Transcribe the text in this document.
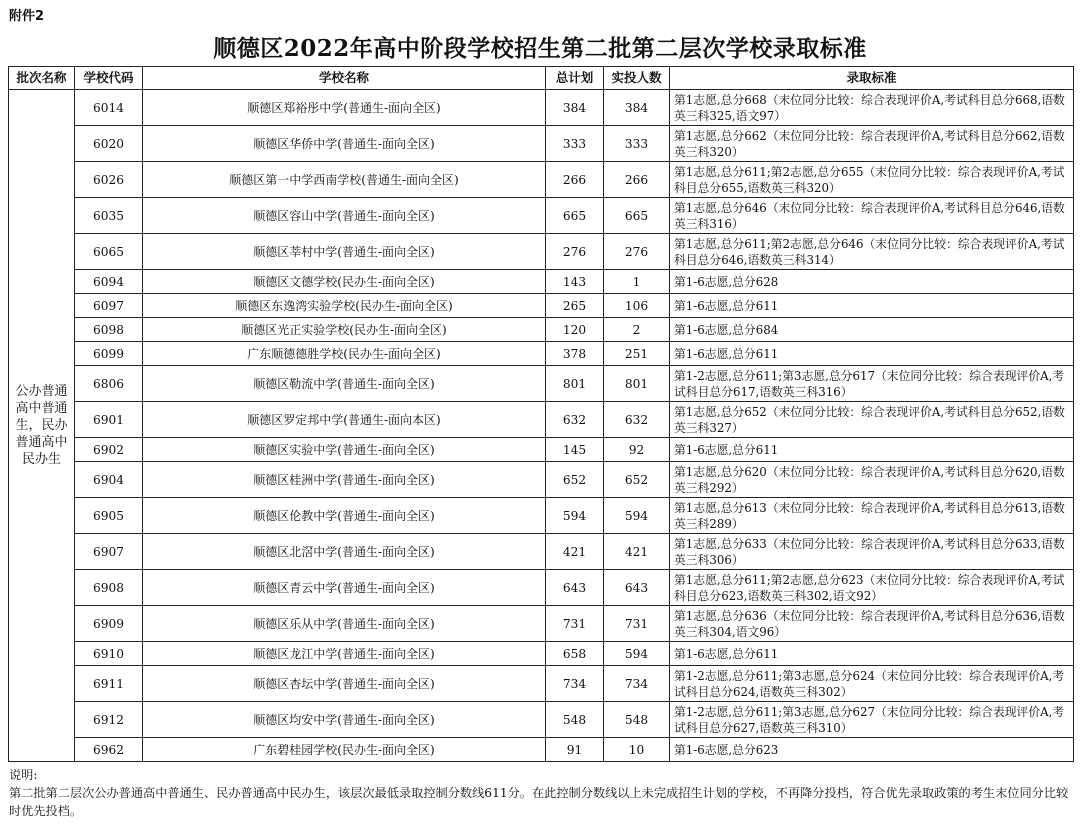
附件2
顺德区2022年高中阶段学校招生第二批第二层次学校录取标准
批次名称	学校代码	学校名称	总计划	实投人数	录取标准
公办普通高中普通生，民办普通高中民办生	6014	顺德区郑裕彤中学(普通生-面向全区)	384	384	第1志愿,总分668（末位同分比较：综合表现评价A,考试科目总分668,语数英三科325,语文97）
	6020	顺德区华侨中学(普通生-面向全区)	333	333	第1志愿,总分662（末位同分比较：综合表现评价A,考试科目总分662,语数英三科320）
	6026	顺德区第一中学西南学校(普通生-面向全区)	266	266	第1志愿,总分611;第2志愿,总分655（末位同分比较：综合表现评价A,考试科目总分655,语数英三科320）
	6035	顺德区容山中学(普通生-面向全区)	665	665	第1志愿,总分646（末位同分比较：综合表现评价A,考试科目总分646,语数英三科316）
	6065	顺德区莘村中学(普通生-面向全区)	276	276	第1志愿,总分611;第2志愿,总分646（末位同分比较：综合表现评价A,考试科目总分646,语数英三科314）
	6094	顺德区文德学校(民办生-面向全区)	143	1	第1-6志愿,总分628
	6097	顺德区东逸湾实验学校(民办生-面向全区)	265	106	第1-6志愿,总分611
	6098	顺德区光正实验学校(民办生-面向全区)	120	2	第1-6志愿,总分684
	6099	广东顺德德胜学校(民办生-面向全区)	378	251	第1-6志愿,总分611
	6806	顺德区勒流中学(普通生-面向全区)	801	801	第1-2志愿,总分611;第3志愿,总分617（末位同分比较：综合表现评价A,考试科目总分617,语数英三科316）
	6901	顺德区罗定邦中学(普通生-面向本区)	632	632	第1志愿,总分652（末位同分比较：综合表现评价A,考试科目总分652,语数英三科327）
	6902	顺德区实验中学(普通生-面向全区)	145	92	第1-6志愿,总分611
	6904	顺德区桂洲中学(普通生-面向全区)	652	652	第1志愿,总分620（末位同分比较：综合表现评价A,考试科目总分620,语数英三科292）
	6905	顺德区伦教中学(普通生-面向全区)	594	594	第1志愿,总分613（末位同分比较：综合表现评价A,考试科目总分613,语数英三科289）
	6907	顺德区北滘中学(普通生-面向全区)	421	421	第1志愿,总分633（末位同分比较：综合表现评价A,考试科目总分633,语数英三科306）
	6908	顺德区青云中学(普通生-面向全区)	643	643	第1志愿,总分611;第2志愿,总分623（末位同分比较：综合表现评价A,考试科目总分623,语数英三科302,语文92）
	6909	顺德区乐从中学(普通生-面向全区)	731	731	第1志愿,总分636（末位同分比较：综合表现评价A,考试科目总分636,语数英三科304,语文96）
	6910	顺德区龙江中学(普通生-面向全区)	658	594	第1-6志愿,总分611
	6911	顺德区杏坛中学(普通生-面向全区)	734	734	第1-2志愿,总分611;第3志愿,总分624（末位同分比较：综合表现评价A,考试科目总分624,语数英三科302）
	6912	顺德区均安中学(普通生-面向全区)	548	548	第1-2志愿,总分611;第3志愿,总分627（末位同分比较：综合表现评价A,考试科目总分627,语数英三科310）
	6962	广东碧桂园学校(民办生-面向全区)	91	10	第1-6志愿,总分623
说明:
第二批第二层次公办普通高中普通生、民办普通高中民办生，该层次最低录取控制分数线611分。在此控制分数线以上未完成招生计划的学校，不再降分投档，符合优先录取政策的考生末位同分比较时优先投档。
